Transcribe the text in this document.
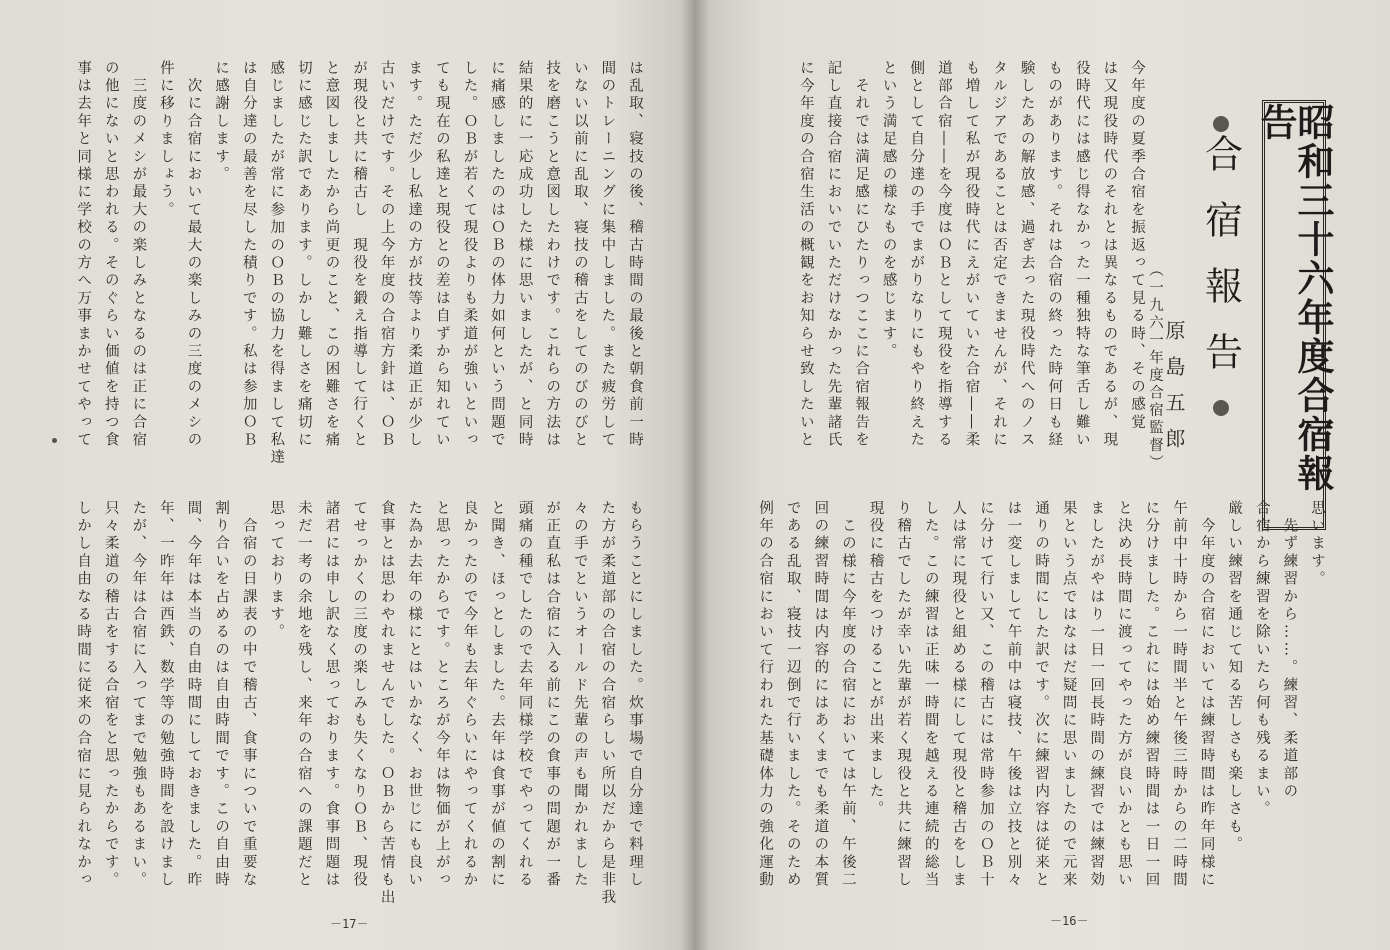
昭和三十六年度合宿報告
合宿報告
（一九六一年度合宿監督） 原島五郎
今年度の夏季合宿を振返って見る時、その感覚
は又現役時代のそれとは異なるものであるが、現
役時代には感じ得なかった一種独特な筆舌し難い
ものがあります。それは合宿の終った時何日も経
験したあの解放感、過ぎ去った現役時代へのノス
タルジアであることは否定できませんが、それに
も増して私が現役時代にえがいていた合宿――柔
道部合宿――を今度はＯＢとして現役を指導する
側として自分達の手でまがりなりにもやり終えた
という満足感の様なものを感じます。
　それでは満足感にひたりっつここに合宿報告を
記し直接合宿においでいただけなかった先輩諸氏
に今年度の合宿生活の概観をお知らせ致したいと
思います。
　先ず練習から……。練習、柔道部の
合宿から練習を除いたら何も残るまい。
厳しい練習を通じて知る苦しさも楽しさも。
　今年度の合宿においては練習時間は昨年同様に
午前中十時から一時間半と午後三時からの二時間
に分けました。これには始め練習時間は一日一回
と決め長時間に渡ってやった方が良いかとも思い
ましたがやはり一日一回長時間の練習では練習効
果という点ではなはだ疑問に思いましたので元来
通りの時間にした訳です。次に練習内容は従来と
は一変しまして午前中は寝技、午後は立技と別々
に分けて行い又、この稽古には常時参加のＯＢ十
人は常に現役と組める様にして現役と稽古をしま
した。この練習は正味一時間を越える連続的総当
り稽古でしたが幸い先輩が若く現役と共に練習し
現役に稽古をつけることが出来ました。
　この様に今年度の合宿においては午前、午後二
回の練習時間は内容的にはあくまでも柔道の本質
である乱取、寝技一辺倒で行いました。そのため
例年の合宿において行われた基礎体力の強化運動
－16－
は乱取、寝技の後、稽古時間の最後と朝食前一時
間のトレーニングに集中しました。また疲労して
いない以前に乱取、寝技の稽古をしてのびのびと
技を磨こうと意図したわけです。これらの方法は
結果的に一応成功した様に思いましたが、と同時
に痛感しましたのはＯＢの体力如何という問題で
した。ＯＢが若くて現役よりも柔道が強いといっ
ても現在の私達と現役との差は自ずから知れてい
ます。ただ少し私達の方が技等より柔道正が少し
古いだけです。その上今年度の合宿方針は、ＯＢ
が現役と共に稽古し　現役を鍛え指導して行くと
と意図しましたから尚更のこと、この困難さを痛
切に感じた訳であります。しかし難しさを痛切に
感じましたが常に参加のＯＢの協力を得まして私達
は自分達の最善を尽した積りです。私は参加ＯＢ
に感謝します。
　次に合宿において最大の楽しみの三度のメシの
件に移りましょう。
　三度のメシが最大の楽しみとなるのは正に合宿
の他にないと思われる。そのぐらい価値を持つ食
事は去年と同様に学校の方へ万事まかせてやって
もらうことにしました。炊事場で自分達で料理し
た方が柔道部の合宿の合宿らしい所以だから是非我
々の手でというオールド先輩の声も聞かれました
が正直私は合宿に入る前にこの食事の問題が一番
頭痛の種でしたので去年同様学校でやってくれる
と聞き、ほっとしました。去年は食事が値の割に
良かったので今年も去年ぐらいにやってくれるか
と思ったからです。ところが今年は物価が上がっ
た為か去年の様にとはいかなく、お世じにも良い
食事とは思わやれませんでした。ＯＢから苦情も出
てせっかくの三度の楽しみも失くなりＯＢ、現役
諸君には申し訳なく思っております。食事問題は
未だ一考の余地を残し、来年の合宿への課題だと
思っております。
　合宿の日課表の中で稽古、食事についで重要な
割り合いを占めるのは自由時間です。この自由時
間、今年は本当の自由時間にしておきました。昨
年、一昨年は西鉄、数学等の勉強時間を設けまし
たが、今年は合宿に入ってまで勉強もあるまい。
只々柔道の稽古をする合宿をと思ったからです。
しかし自由なる時間に従来の合宿に見られなかっ
－17－
